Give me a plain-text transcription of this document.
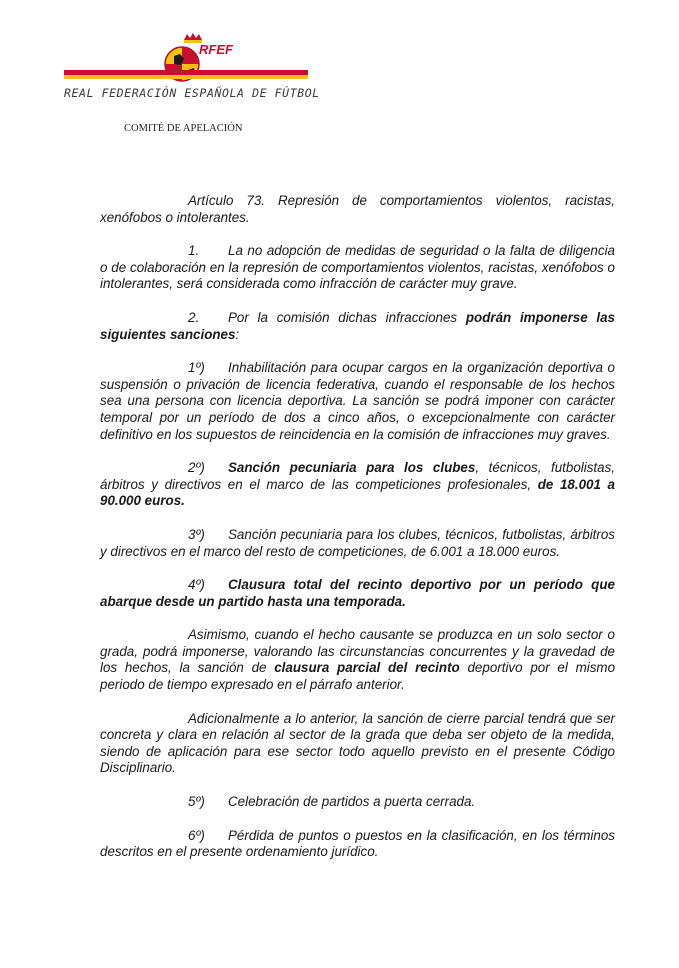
RFEF
REAL FEDERACIÓN ESPAÑOLA DE FÚTBOL
COMITÉ DE APELACIÓN

Artículo 73. Represión de comportamientos violentos, racistas, xenófobos o intolerantes.

1. La no adopción de medidas de seguridad o la falta de diligencia o de colaboración en la represión de comportamientos violentos, racistas, xenófobos o intolerantes, será considerada como infracción de carácter muy grave.

2. Por la comisión dichas infracciones podrán imponerse las siguientes sanciones:

1º) Inhabilitación para ocupar cargos en la organización deportiva o suspensión o privación de licencia federativa, cuando el responsable de los hechos sea una persona con licencia deportiva. La sanción se podrá imponer con carácter temporal por un período de dos a cinco años, o excepcionalmente con carácter definitivo en los supuestos de reincidencia en la comisión de infracciones muy graves.

2º) Sanción pecuniaria para los clubes, técnicos, futbolistas, árbitros y directivos en el marco de las competiciones profesionales, de 18.001 a 90.000 euros.

3º) Sanción pecuniaria para los clubes, técnicos, futbolistas, árbitros y directivos en el marco del resto de competiciones, de 6.001 a 18.000 euros.

4º) Clausura total del recinto deportivo por un período que abarque desde un partido hasta una temporada.

Asimismo, cuando el hecho causante se produzca en un solo sector o grada, podrá imponerse, valorando las circunstancias concurrentes y la gravedad de los hechos, la sanción de clausura parcial del recinto deportivo por el mismo periodo de tiempo expresado en el párrafo anterior.

Adicionalmente a lo anterior, la sanción de cierre parcial tendrá que ser concreta y clara en relación al sector de la grada que deba ser objeto de la medida, siendo de aplicación para ese sector todo aquello previsto en el presente Código Disciplinario.

5º) Celebración de partidos a puerta cerrada.

6º) Pérdida de puntos o puestos en la clasificación, en los términos descritos en el presente ordenamiento jurídico.
